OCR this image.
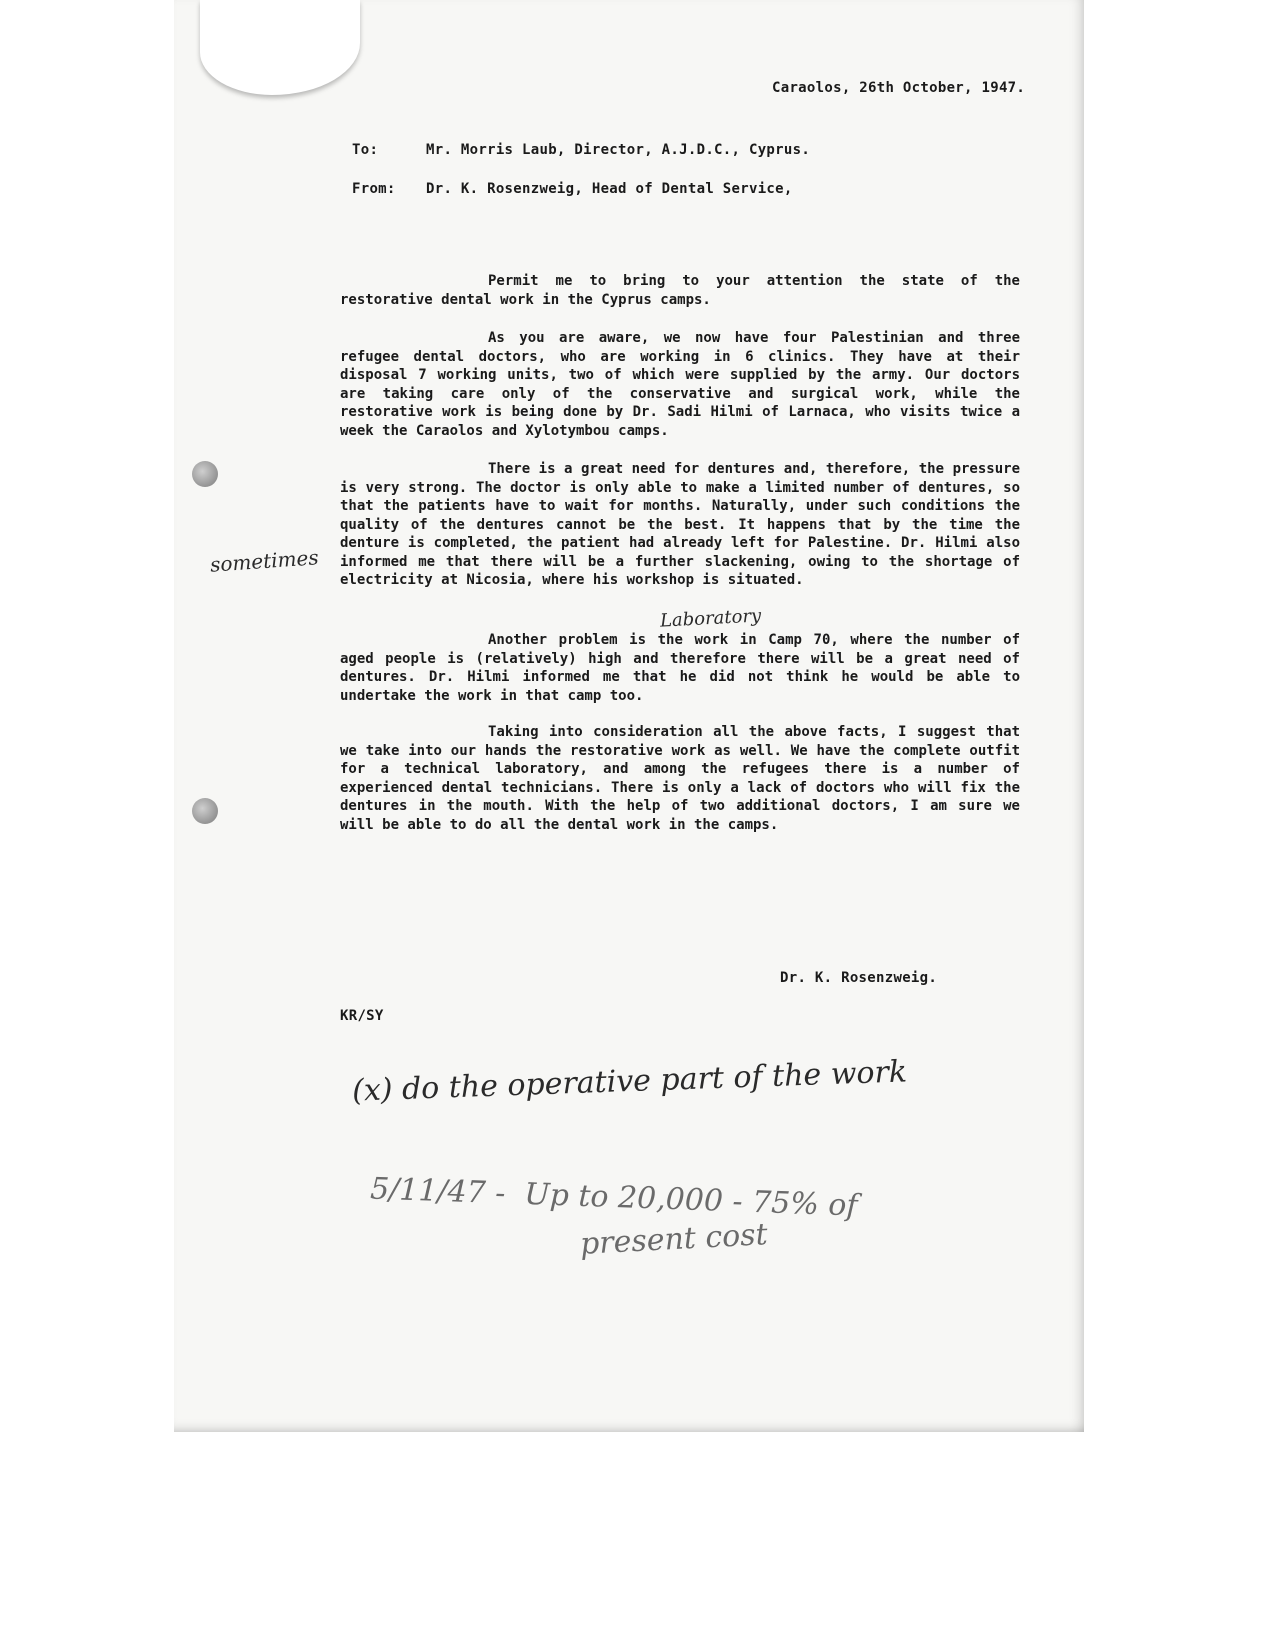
Caraolos, 26th October, 1947.
To:	Mr. Morris Laub, Director, A.J.D.C., Cyprus.
From: Dr. K. Rosenzweig, Head of Dental Service,

Permit me to bring to your attention the state of the restorative dental work in the Cyprus camps.

As you are aware, we now have four Palestinian and three refugee dental doctors, who are working in 6 clinics. They have at their disposal 7 working units, two of which were supplied by the army. Our doctors are taking care only of the conservative and surgical work, while the restorative work is being done by Dr. Sadi Hilmi of Larnaca, who visits twice a week the Caraolos and Xylotymbou camps.

There is a great need for dentures and, therefore, the pressure is very strong. The doctor is only able to make a limited number of dentures, so that the patients have to wait for months. Naturally, under such conditions the quality of the dentures cannot be the best. It happens that by the time the denture is completed, the patient had already left for Palestine. Dr. Hilmi also informed me that there will be a further slackening, owing to the shortage of electricity at Nicosia, where his workshop is situated.

Another problem is the work in Camp 70, where the number of aged people is (relatively) high and therefore there will be a great need of dentures. Dr. Hilmi informed me that he did not think he would be able to undertake the work in that camp too.

Taking into consideration all the above facts, I suggest that we take into our hands the restorative work as well. We have the complete outfit for a technical laboratory, and among the refugees there is a number of experienced dental technicians. There is only a lack of doctors who will fix the dentures in the mouth. With the help of two additional doctors, I am sure we will be able to do all the dental work in the camps.

Dr. K. Rosenzweig.
KR/SY
sometimes
Laboratory
(x) do the operative part of the work
5/11/47 -  Up to 20,000 - 75% of
present cost
